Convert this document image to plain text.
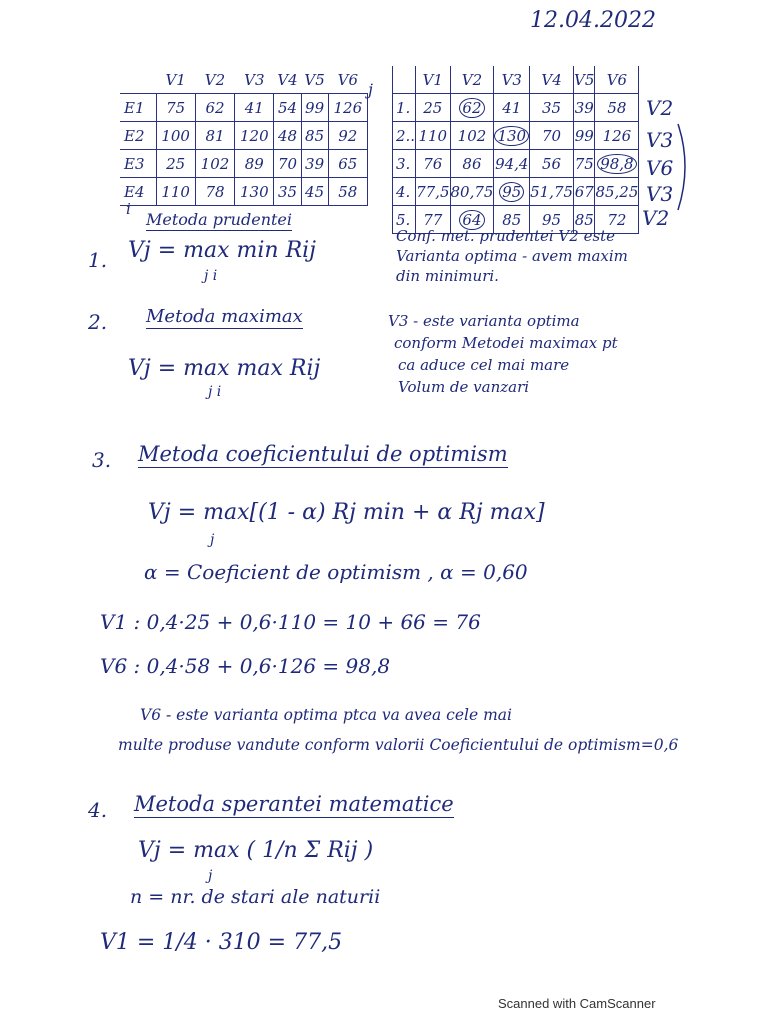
12.04.2022
	V1	V2	V3	V4	V5	V6
E1	75	62	41	54	99	126
E2	100	81	120	48	85	92
E3	25	102	89	70	39	65
E4	110	78	130	35	45	58
j
i
	V1	V2	V3	V4	V5	V6
1.	25	62	41	35	39	58
2..	110	102	130	70	99	126
3.	76	86	94,4	56	75	98,8
4.	77,5	80,75	95	51,75	67	85,25
5.	77	64	85	95	85	72
V2
V3
V6
V3
V2
1.
Metoda prudentei
Vj = max min Rij
j i
Conf. met. prudentei V2 este
Varianta optima - avem maxim
din minimuri.
2. Metoda maximax
Vj = max max Rij
j i
V3 - este varianta optima
conform Metodei maximax pt
ca aduce cel mai mare
Volum de vanzari
3. Metoda coeficientului de optimism
Vj = max[(1 - α) Rj min + α Rj max]
j
α = Coeficient de optimism , α = 0,60
V1 : 0,4·25 + 0,6·110 = 10 + 66 = 76
V6 : 0,4·58 + 0,6·126 = 98,8
V6 - este varianta optima ptca va avea cele mai
multe produse vandute conform valorii Coeficientului de optimism=0,6
4. Metoda sperantei matematice
Vj = max ( 1/n Σ Rij )
j
n = nr. de stari ale naturii
V1 = 1/4 · 310 = 77,5
Scanned with CamScanner
